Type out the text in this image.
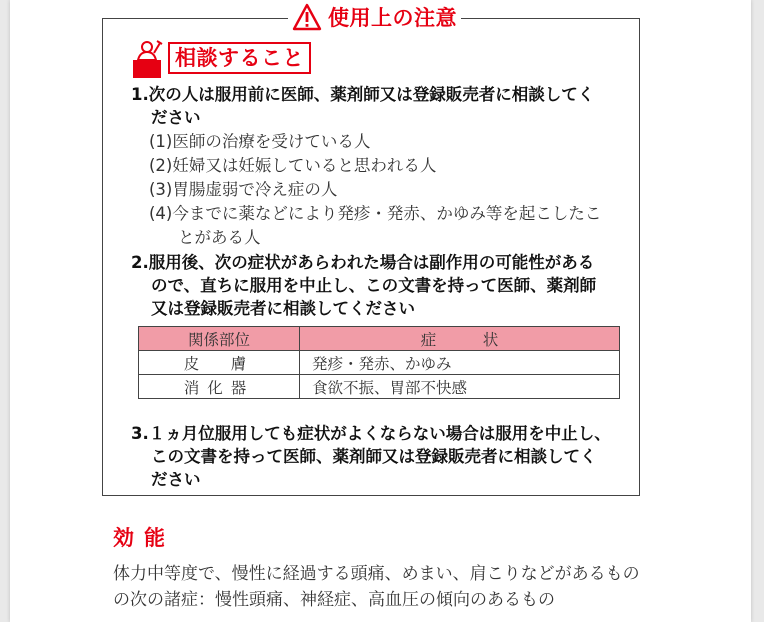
使用上の注意
相談すること
1.次の人は服用前に医師、薬剤師又は登録販売者に相談してく
ださい
(1)医師の治療を受けている人
(2)妊婦又は妊娠していると思われる人
(3)胃腸虚弱で冷え症の人
(4)今までに薬などにより発疹・発赤、かゆみ等を起こしたこ
とがある人
2.服用後、次の症状があらわれた場合は副作用の可能性がある
ので、直ちに服用を中止し、この文書を持って医師、薬剤師
又は登録販売者に相談してください
関係部位	症　　　状
皮　膚	発疹・発赤、かゆみ
消化器	食欲不振、胃部不快感
3.１ヵ月位服用しても症状がよくならない場合は服用を中止し、
この文書を持って医師、薬剤師又は登録販売者に相談してく
ださい
効能
体力中等度で、慢性に経過する頭痛、めまい、肩こりなどがあるもの
の次の諸症：慢性頭痛、神経症、高血圧の傾向のあるもの
